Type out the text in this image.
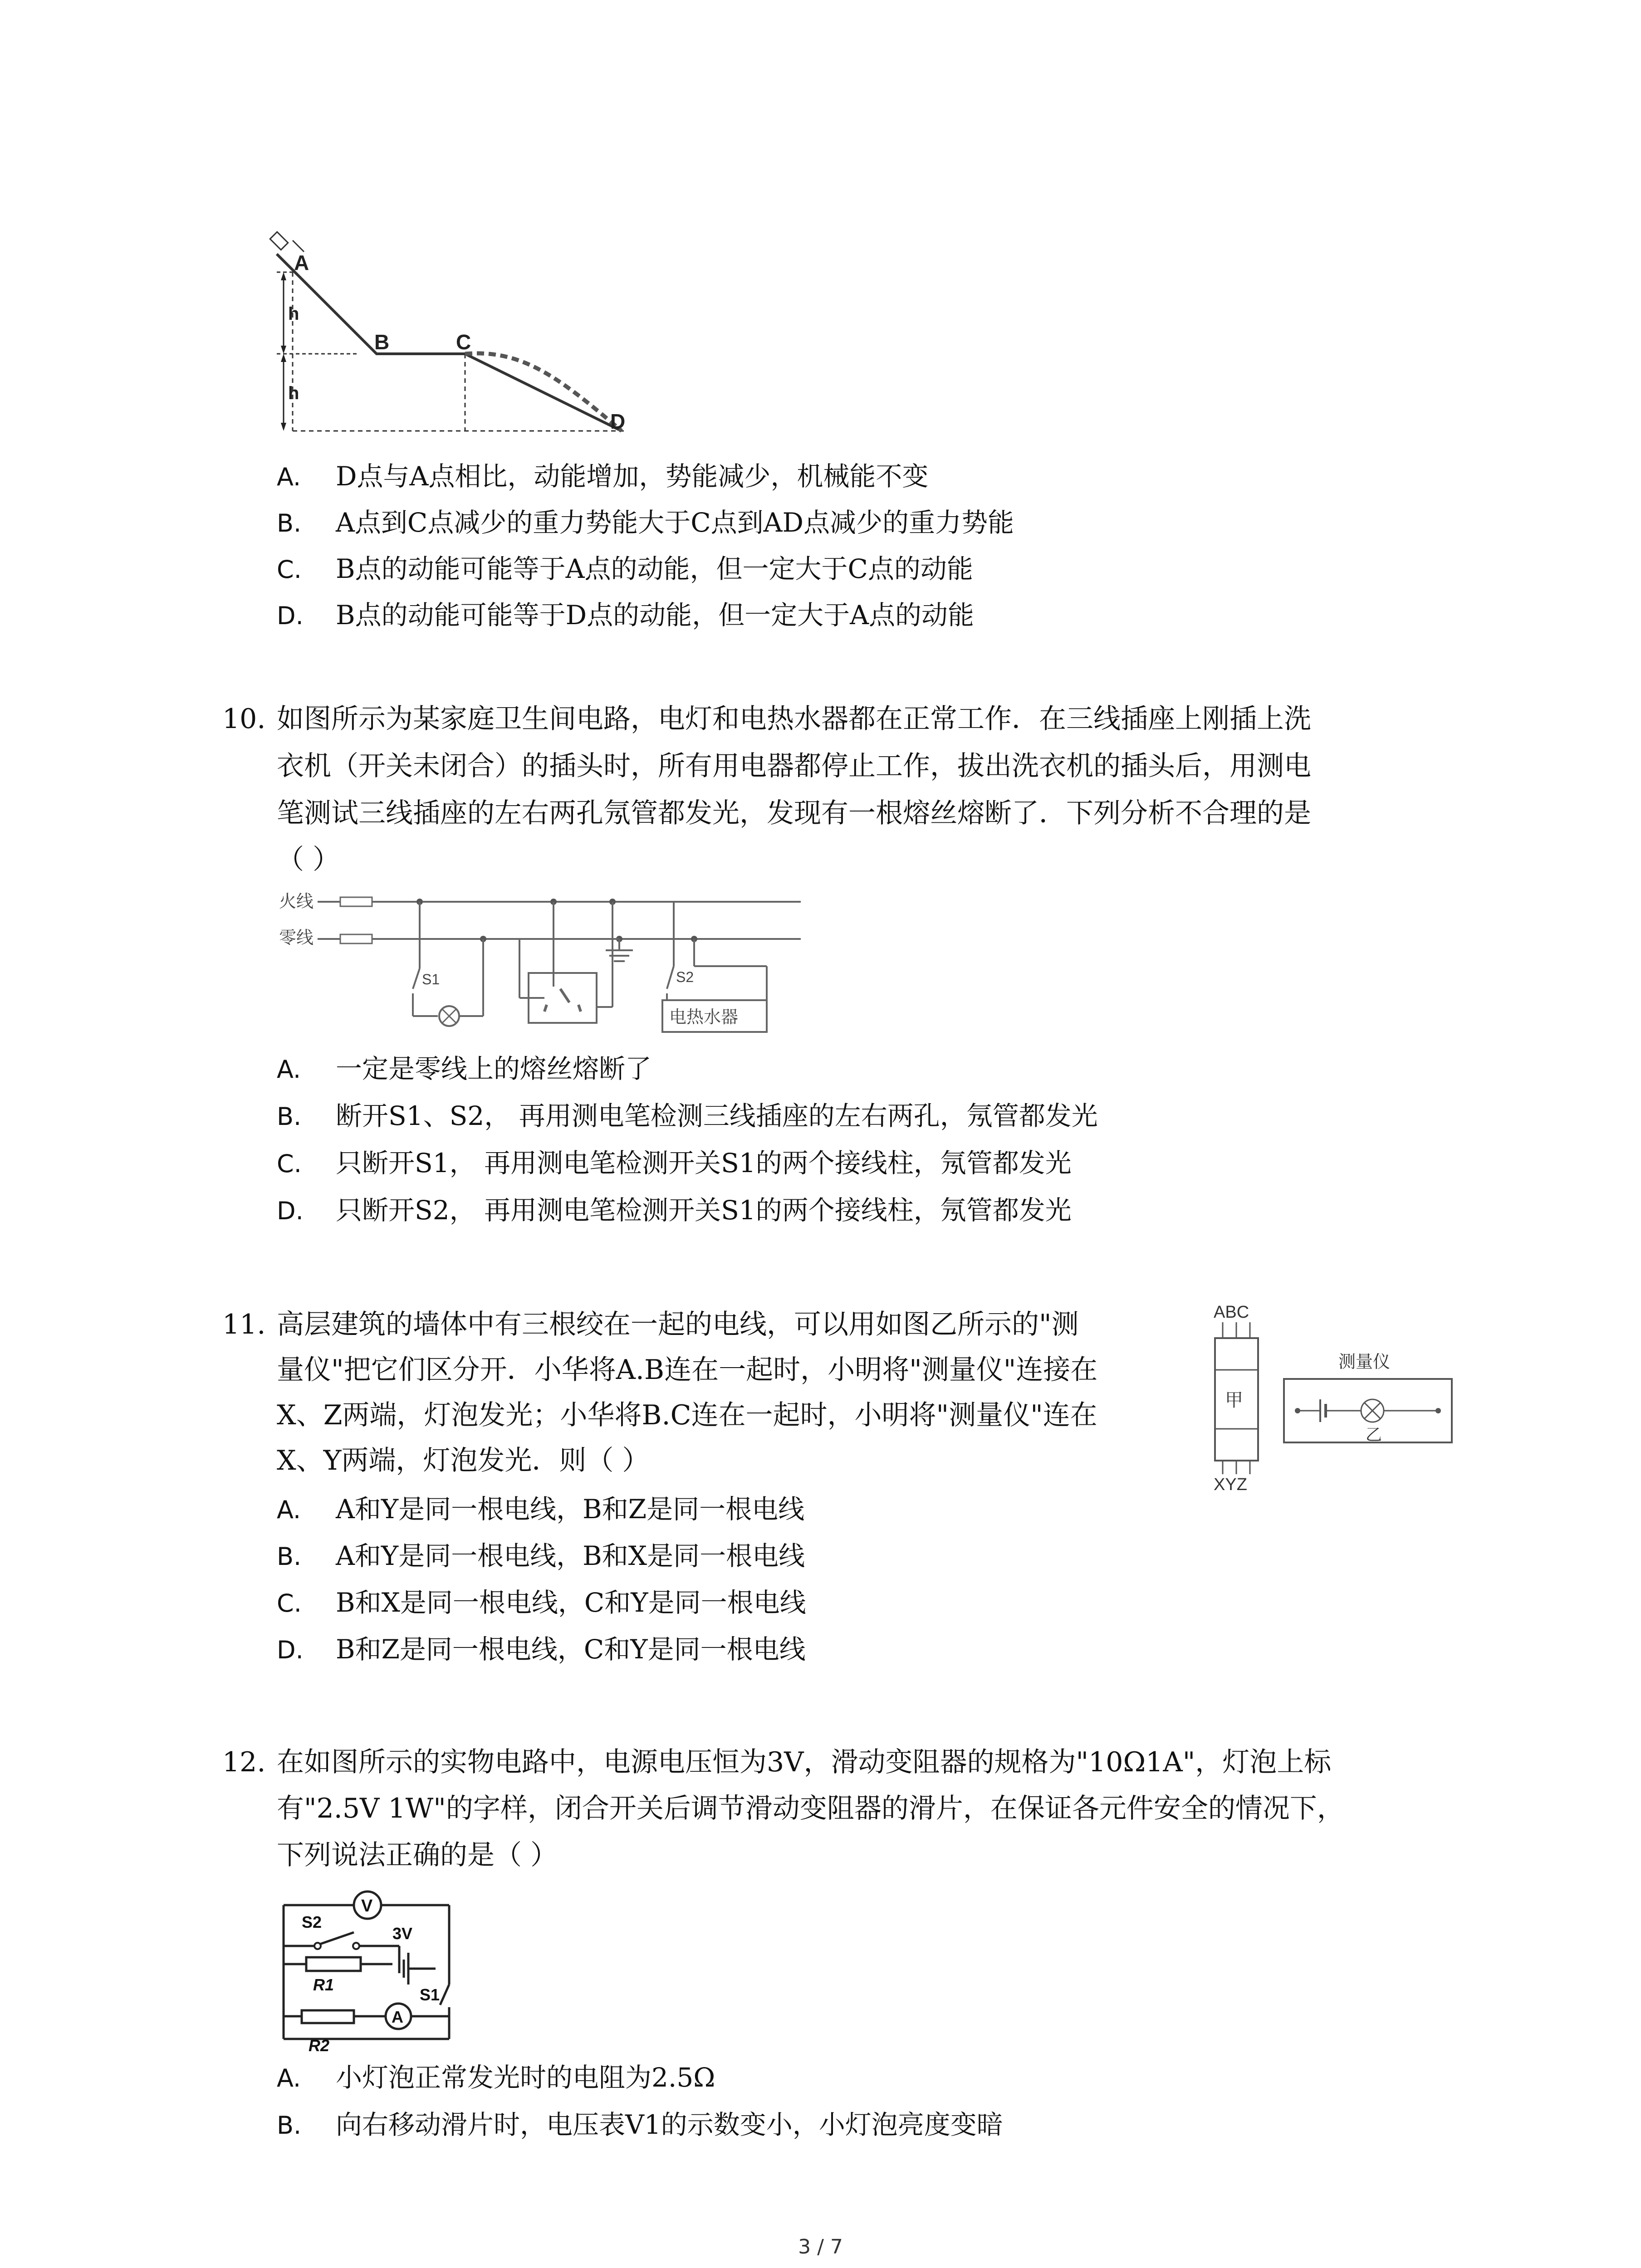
A
B	C
D
h
h
A. D点与A点相比，动能增加，势能减少，机械能不变
B. A点到C点减少的重力势能大于C点到AD点减少的重力势能
C. B点的动能可能等于A点的动能，但一定大于C点的动能
D. B点的动能可能等于D点的动能，但一定大于A点的动能
10. 如图所示为某家庭卫生间电路，电灯和电热水器都在正常工作．在三线插座上刚插上洗
衣机（开关未闭合）的插头时，所有用电器都停止工作，拔出洗衣机的插头后，用测电
笔测试三线插座的左右两孔氖管都发光，发现有一根熔丝熔断了．下列分析不合理的是
（ ）
火线
零线
S1	S2
电热水器
A. 一定是零线上的熔丝熔断了
B. 断开S1、S2， 再用测电笔检测三线插座的左右两孔，氖管都发光
C. 只断开S1， 再用测电笔检测开关S1的两个接线柱，氖管都发光
D. 只断开S2， 再用测电笔检测开关S1的两个接线柱，氖管都发光
11. 高层建筑的墙体中有三根绞在一起的电线，可以用如图乙所示的"测
量仪"把它们区分开．小华将A.B连在一起时，小明将"测量仪"连接在
X、Z两端，灯泡发光；小华将B.C连在一起时，小明将"测量仪"连在
X、Y两端，灯泡发光．则（ ）
ABC
甲
XYZ
测量仪
乙
A. A和Y是同一根电线，B和Z是同一根电线
B. A和Y是同一根电线，B和X是同一根电线
C. B和X是同一根电线，C和Y是同一根电线
D. B和Z是同一根电线，C和Y是同一根电线
12. 在如图所示的实物电路中，电源电压恒为3V，滑动变阻器的规格为"10Ω1A"，灯泡上标
有"2.5V 1W"的字样，闭合开关后调节滑动变阻器的滑片，在保证各元件安全的情况下，
下列说法正确的是（ ）
V
S2
3V
R1
S1
A
R2
A. 小灯泡正常发光时的电阻为2.5Ω
B. 向右移动滑片时，电压表V1的示数变小，小灯泡亮度变暗
3 / 7
